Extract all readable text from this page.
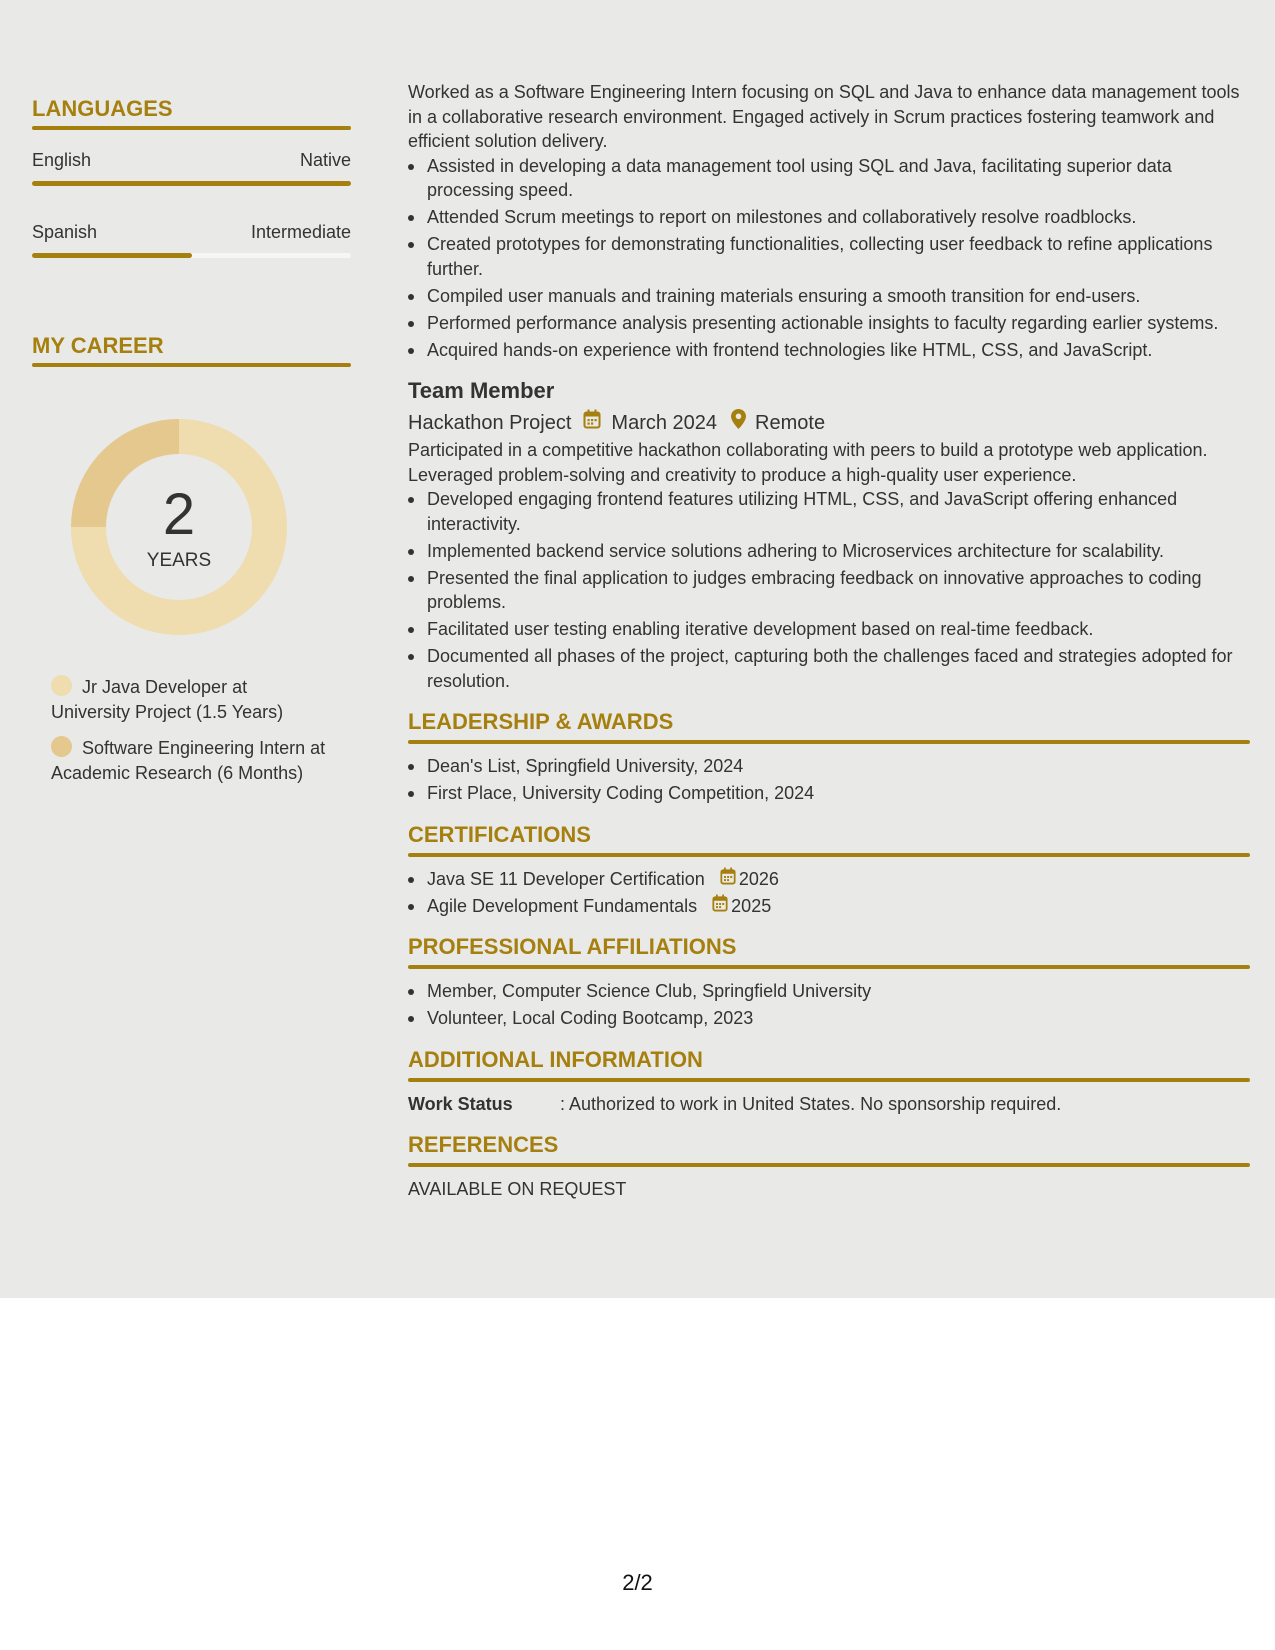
LANGUAGES
English	Native
Spanish	Intermediate
MY CAREER
2
YEARS
Jr Java Developer at University Project (1.5 Years)
Software Engineering Intern at Academic Research (6 Months)

Worked as a Software Engineering Intern focusing on SQL and Java to enhance data management tools in a collaborative research environment. Engaged actively in Scrum practices fostering teamwork and efficient solution delivery.

Assisted in developing a data management tool using SQL and Java, facilitating superior data processing speed.
Attended Scrum meetings to report on milestones and collaboratively resolve roadblocks.
Created prototypes for demonstrating functionalities, collecting user feedback to refine applications further.
Compiled user manuals and training materials ensuring a smooth transition for end-users.
Performed performance analysis presenting actionable insights to faculty regarding earlier systems.
Acquired hands-on experience with frontend technologies like HTML, CSS, and JavaScript.
Team Member
Hackathon Project March 2024 Remote

Participated in a competitive hackathon collaborating with peers to build a prototype web application. Leveraged problem-solving and creativity to produce a high-quality user experience.

Developed engaging frontend features utilizing HTML, CSS, and JavaScript offering enhanced interactivity.
Implemented backend service solutions adhering to Microservices architecture for scalability.
Presented the final application to judges embracing feedback on innovative approaches to coding problems.
Facilitated user testing enabling iterative development based on real-time feedback.
Documented all phases of the project, capturing both the challenges faced and strategies adopted for resolution.
LEADERSHIP & AWARDS
Dean's List, Springfield University, 2024
First Place, University Coding Competition, 2024
CERTIFICATIONS
Java SE 11 Developer Certification 2026
Agile Development Fundamentals 2025
PROFESSIONAL AFFILIATIONS
Member, Computer Science Club, Springfield University
Volunteer, Local Coding Bootcamp, 2023
ADDITIONAL INFORMATION
Work Status	: Authorized to work in United States. No sponsorship required.
REFERENCES
AVAILABLE ON REQUEST
2/2
